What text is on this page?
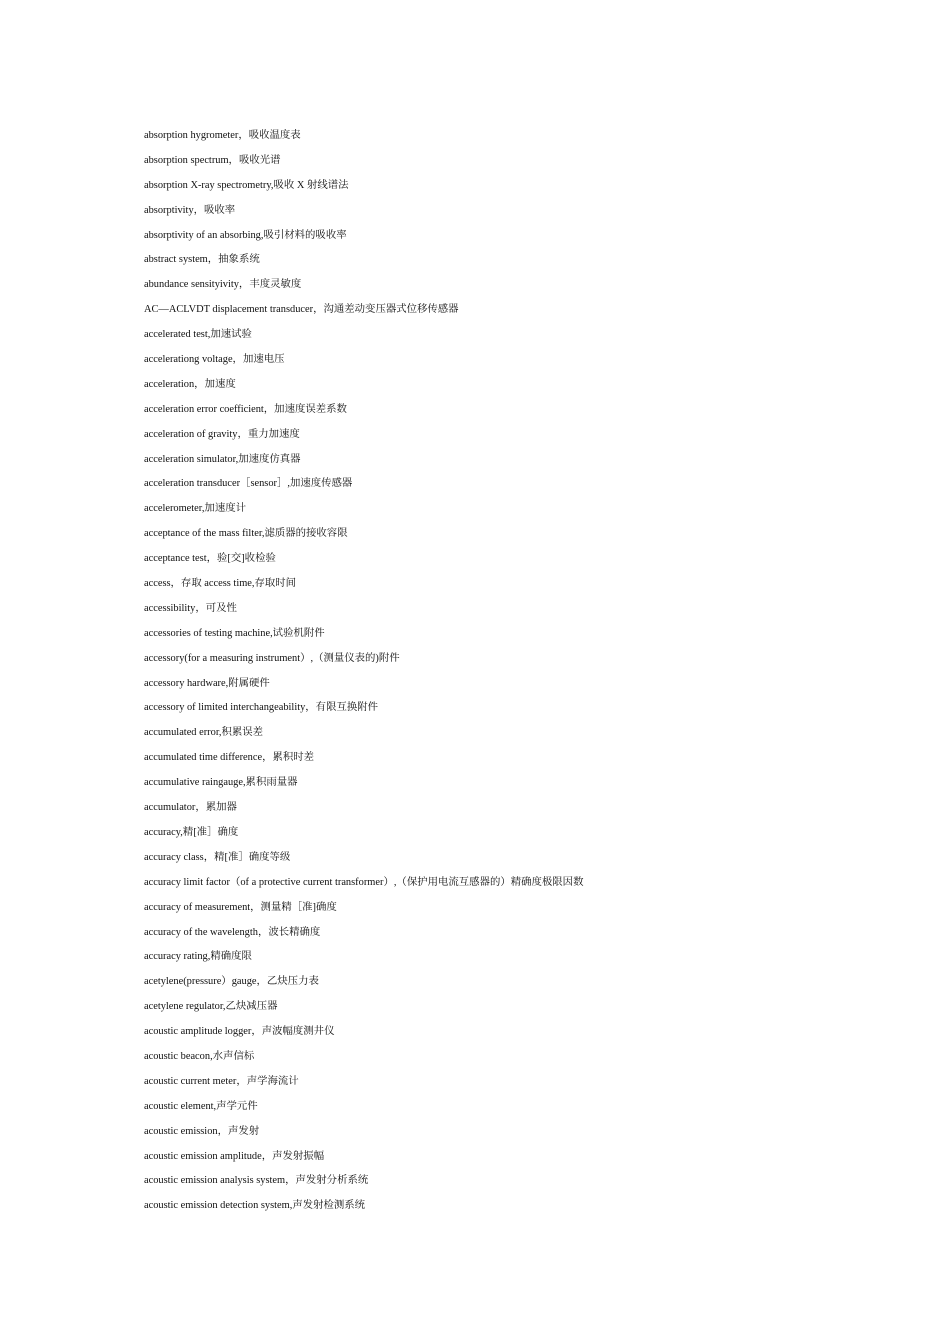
absorption hygrometer，吸收温度表
absorption spectrum，吸收光谱
absorption X-ray spectrometry,吸收 X 射线谱法
absorptivity，吸收率
absorptivity of an absorbing,吸引材料的吸收率
abstract system，抽象系统
abundance sensityivity，丰度灵敏度
AC—ACLVDT displacement transducer，沟通差动变压器式位移传感器
accelerated test,加速试验
accelerationg voltage，加速电压
acceleration，加速度
acceleration error coefficient，加速度误差系数
acceleration of gravity，重力加速度
acceleration simulator,加速度仿真器
acceleration transducer［sensor］,加速度传感器
accelerometer,加速度计
acceptance of the mass filter,滤质器的接收容限
acceptance test，验[交]收检验
access，存取 access time,存取时间
accessibility，可及性
accessories of testing machine,试验机附件
accessory(for a measuring instrument）,（测量仪表的)附件
accessory hardware,附属硬件
accessory of limited interchangeability，有限互换附件
accumulated error,积累误差
accumulated time difference，累积时差
accumulative raingauge,累积雨量器
accumulator，累加器
accuracy,精[准］确度
accuracy class，精[准］确度等级
accuracy limit factor（of a protective current transformer）,（保护用电流互感器的）精确度极限因数
accuracy of measurement，测量精［准]确度
accuracy of the wavelength，波长精确度
accuracy rating,精确度限
acetylene(pressure）gauge，乙炔压力表
acetylene regulator,乙炔减压器
acoustic amplitude logger，声波幅度测井仪
acoustic beacon,水声信标
acoustic current meter，声学海流计
acoustic element,声学元件
acoustic emission，声发射
acoustic emission amplitude，声发射振幅
acoustic emission analysis system，声发射分析系统
acoustic emission detection system,声发射检测系统
